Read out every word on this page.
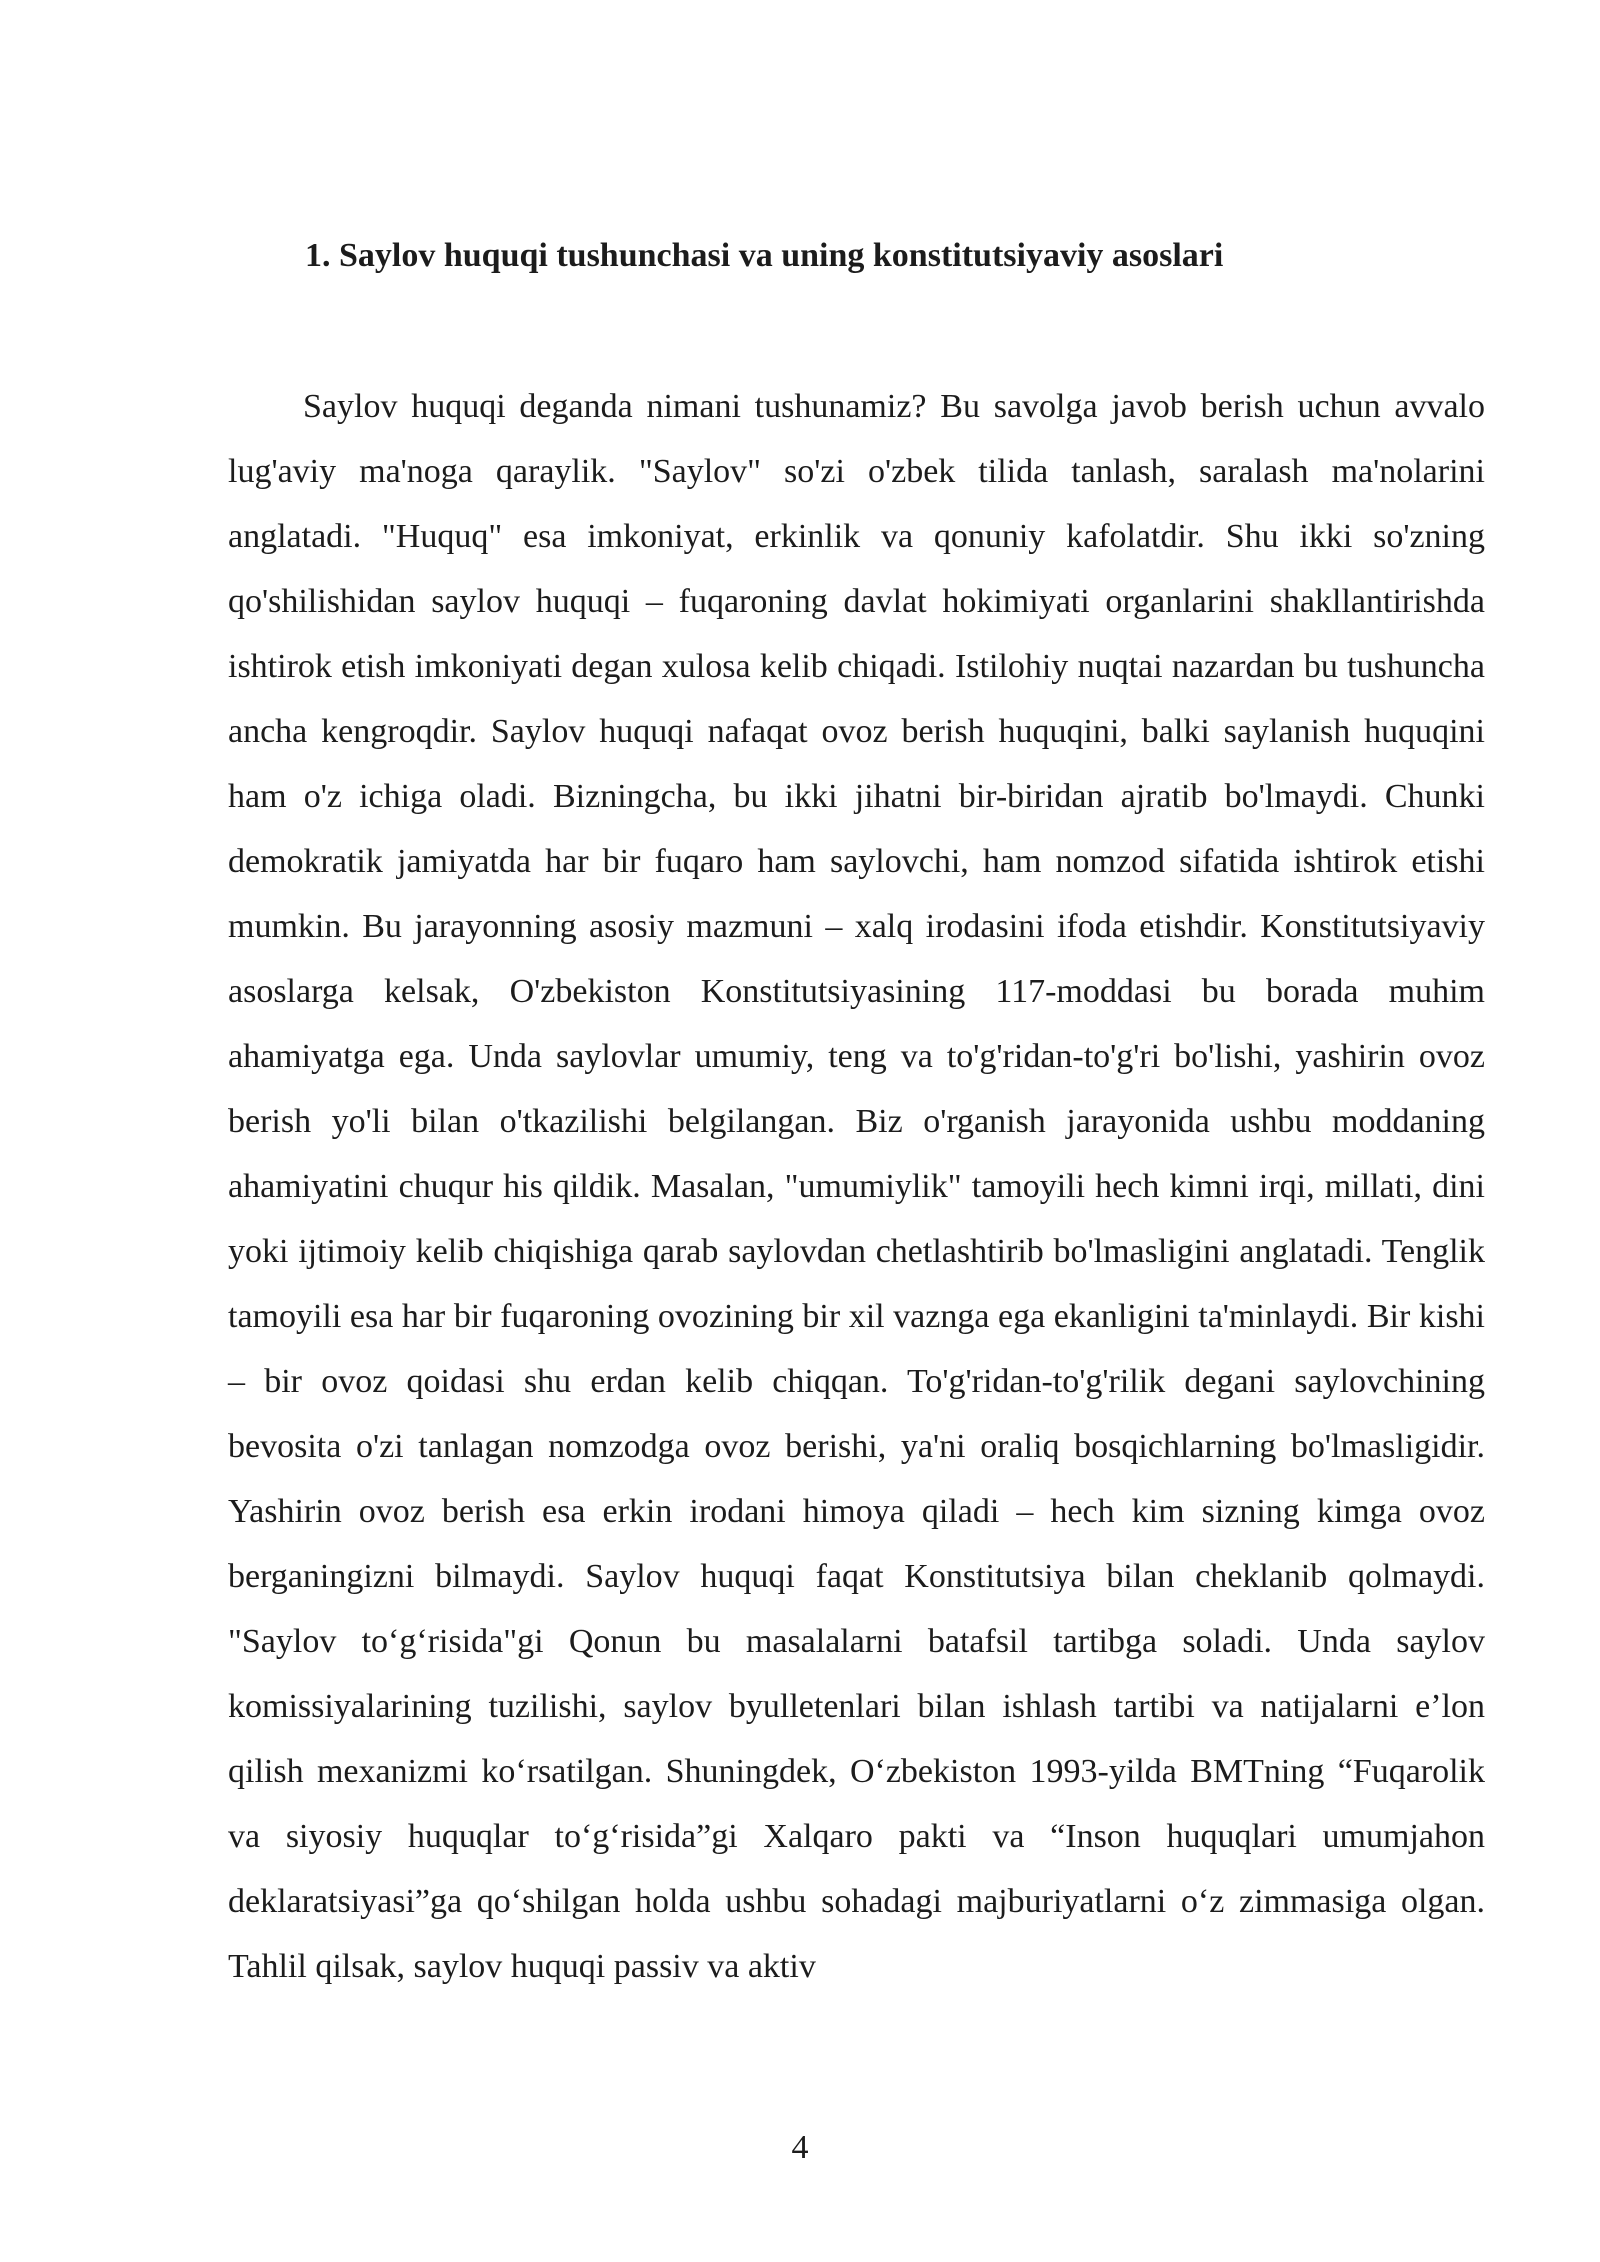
1. Saylov huquqi tushunchasi va uning konstitutsiyaviy asoslari

Saylov huquqi deganda nimani tushunamiz? Bu savolga javob berish uchun avvalo lug'aviy ma'noga qaraylik. "Saylov" so'zi o'zbek tilida tanlash, saralash ma'nolarini anglatadi. "Huquq" esa imkoniyat, erkinlik va qonuniy kafolatdir. Shu ikki so'zning qo'shilishidan saylov huquqi – fuqaroning davlat hokimiyati organlarini shakllantirishda ishtirok etish imkoniyati degan xulosa kelib chiqadi. Istilohiy nuqtai nazardan bu tushuncha ancha kengroqdir. Saylov huquqi nafaqat ovoz berish huquqini, balki saylanish huquqini ham o'z ichiga oladi. Bizningcha, bu ikki jihatni bir-biridan ajratib bo'lmaydi. Chunki demokratik jamiyatda har bir fuqaro ham saylovchi, ham nomzod sifatida ishtirok etishi mumkin. Bu jarayonning asosiy mazmuni – xalq irodasini ifoda etishdir. Konstitutsiyaviy asoslarga kelsak, O'zbekiston Konstitutsiyasining 117-moddasi bu borada muhim ahamiyatga ega. Unda saylovlar umumiy, teng va to'g'ridan-to'g'ri bo'lishi, yashirin ovoz berish yo'li bilan o'tkazilishi belgilangan. Biz o'rganish jarayonida ushbu moddaning ahamiyatini chuqur his qildik. Masalan, "umumiylik" tamoyili hech kimni irqi, millati, dini yoki ijtimoiy kelib chiqishiga qarab saylovdan chetlashtirib bo'lmasligini anglatadi. Tenglik tamoyili esa har bir fuqaroning ovozining bir xil vaznga ega ekanligini ta'minlaydi. Bir kishi – bir ovoz qoidasi shu erdan kelib chiqqan. To'g'ridan-to'g'rilik degani saylovchining bevosita o'zi tanlagan nomzodga ovoz berishi, ya'ni oraliq bosqichlarning bo'lmasligidir. Yashirin ovoz berish esa erkin irodani himoya qiladi – hech kim sizning kimga ovoz berganingizni bilmaydi. Saylov huquqi faqat Konstitutsiya bilan cheklanib qolmaydi. "Saylov to‘g‘risida"gi Qonun bu masalalarni batafsil tartibga soladi. Unda saylov komissiyalarining tuzilishi, saylov byulletenlari bilan ishlash tartibi va natijalarni e’lon qilish mexanizmi ko‘rsatilgan. Shuningdek, O‘zbekiston 1993-yilda BMTning “Fuqarolik va siyosiy huquqlar to‘g‘risida”gi Xalqaro pakti va “Inson huquqlari umumjahon deklaratsiyasi”ga qo‘shilgan holda ushbu sohadagi majburiyatlarni o‘z zimmasiga olgan. Tahlil qilsak, saylov huquqi passiv va aktiv

4
